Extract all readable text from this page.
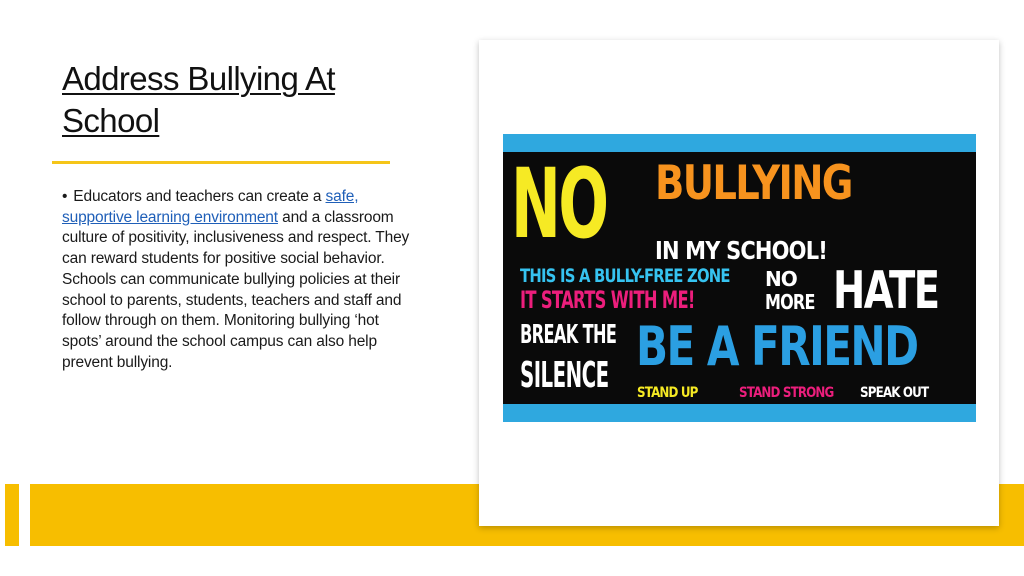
Address Bullying At
School
• Educators and teachers can create a safe, supportive learning environment and a classroom culture of positivity, inclusiveness and respect. They can reward students for positive social behavior. Schools can communicate bullying policies at their school to parents, students, teachers and staff and follow through on them. Monitoring bullying ‘hot spots’ around the school campus can also help prevent bullying.

NO BULLYING

IN MY SCHOOL!

THIS IS A BULLY-FREE ZONE

IT STARTS WITH ME!

NO

MORE HATE

BREAK THE

SILENCE BE A FRIEND

STAND UP	STAND STRONG SPEAK OUT
